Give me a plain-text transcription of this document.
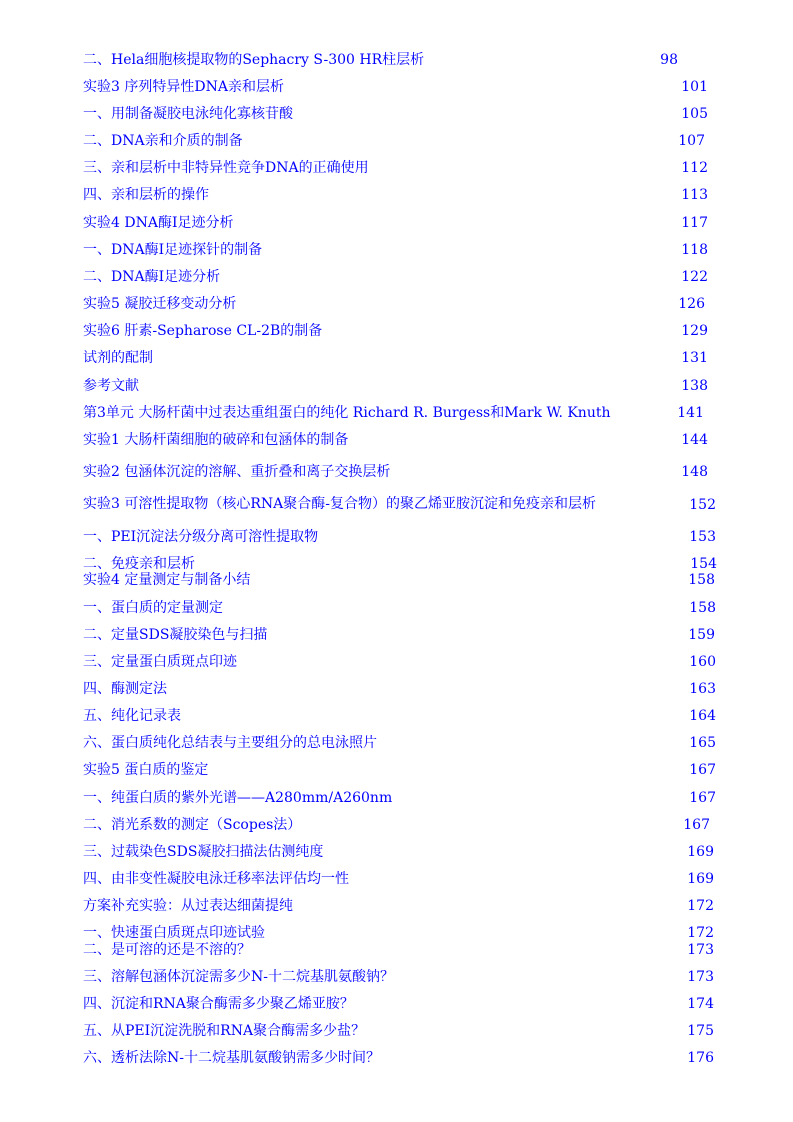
二、Hela细胞核提取物的Sephacry S-300 HR柱层析	98
实验3 序列特异性DNA亲和层析	101
一、用制备凝胶电泳纯化寡核苷酸	105
二、DNA亲和介质的制备	107
三、亲和层析中非特异性竞争DNA的正确使用	112
四、亲和层析的操作	113
实验4 DNA酶I足迹分析	117
一、DNA酶I足迹探针的制备	118
二、DNA酶I足迹分析	122
实验5 凝胶迁移变动分析	126
实验6 肝素-Sepharose CL-2B的制备	129
试剂的配制	131
参考文献	138
第3单元 大肠杆菌中过表达重组蛋白的纯化 Richard R. Burgess和Mark W. Knuth	141
实验1 大肠杆菌细胞的破碎和包涵体的制备	144
实验2 包涵体沉淀的溶解、重折叠和离子交换层析	148
实验3 可溶性提取物（核心RNA聚合酶-复合物）的聚乙烯亚胺沉淀和免疫亲和层析	152
一、PEI沉淀法分级分离可溶性提取物	153
二、免疫亲和层析	154
实验4 定量测定与制备小结	158
一、蛋白质的定量测定	158
二、定量SDS凝胶染色与扫描	159
三、定量蛋白质斑点印迹	160
四、酶测定法	163
五、纯化记录表	164
六、蛋白质纯化总结表与主要组分的总电泳照片	165
实验5 蛋白质的鉴定	167
一、纯蛋白质的紫外光谱——A280mm/A260nm	167
二、消光系数的测定（Scopes法）	167
三、过载染色SDS凝胶扫描法估测纯度	169
四、由非变性凝胶电泳迁移率法评估均一性	169
方案补充实验：从过表达细菌提纯	172
一、快速蛋白质斑点印迹试验	172
二、是可溶的还是不溶的？	173
三、溶解包涵体沉淀需多少N-十二烷基肌氨酸钠？	173
四、沉淀和RNA聚合酶需多少聚乙烯亚胺？	174
五、从PEI沉淀洗脱和RNA聚合酶需多少盐？	175
六、透析法除N-十二烷基肌氨酸钠需多少时间？	176
